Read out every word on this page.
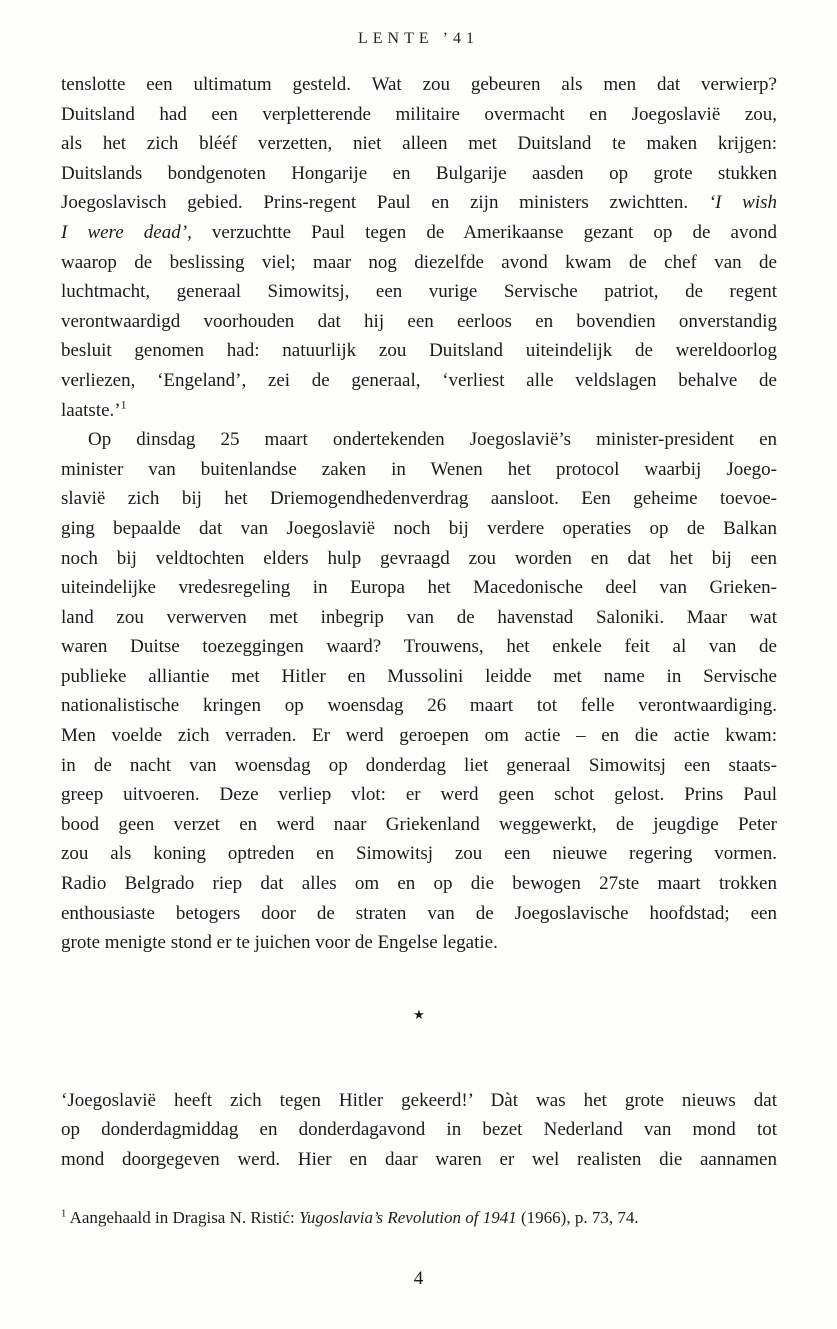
LENTE ’41
tenslotte een ultimatum gesteld. Wat zou gebeuren als men dat verwierp?
Duitsland had een verpletterende militaire overmacht en Joegoslavië zou,
als het zich blééf verzetten, niet alleen met Duitsland te maken krijgen:
Duitslands bondgenoten Hongarije en Bulgarije aasden op grote stukken
Joegoslavisch gebied. Prins-regent Paul en zijn ministers zwichtten. ‘I wish
I were dead’, verzuchtte Paul tegen de Amerikaanse gezant op de avond
waarop de beslissing viel; maar nog diezelfde avond kwam de chef van de
luchtmacht, generaal Simowitsj, een vurige Servische patriot, de regent
verontwaardigd voorhouden dat hij een eerloos en bovendien onverstandig
besluit genomen had: natuurlijk zou Duitsland uiteindelijk de wereldoorlog
verliezen, ‘Engeland’, zei de generaal, ‘verliest alle veldslagen behalve de
laatste.’$^1$
Op dinsdag 25 maart ondertekenden Joegoslavië’s minister-president en
minister van buitenlandse zaken in Wenen het protocol waarbij Joego-
slavië zich bij het Driemogendhedenverdrag aansloot. Een geheime toevoe-
ging bepaalde dat van Joegoslavië noch bij verdere operaties op de Balkan
noch bij veldtochten elders hulp gevraagd zou worden en dat het bij een
uiteindelijke vredesregeling in Europa het Macedonische deel van Grieken-
land zou verwerven met inbegrip van de havenstad Saloniki. Maar wat
waren Duitse toezeggingen waard? Trouwens, het enkele feit al van de
publieke alliantie met Hitler en Mussolini leidde met name in Servische
nationalistische kringen op woensdag 26 maart tot felle verontwaardiging.
Men voelde zich verraden. Er werd geroepen om actie – en die actie kwam:
in de nacht van woensdag op donderdag liet generaal Simowitsj een staats-
greep uitvoeren. Deze verliep vlot: er werd geen schot gelost. Prins Paul
bood geen verzet en werd naar Griekenland weggewerkt, de jeugdige Peter
zou als koning optreden en Simowitsj zou een nieuwe regering vormen.
Radio Belgrado riep dat alles om en op die bewogen 27ste maart trokken
enthousiaste betogers door de straten van de Joegoslavische hoofdstad; een
grote menigte stond er te juichen voor de Engelse legatie.
★
‘Joegoslavië heeft zich tegen Hitler gekeerd!’ Dàt was het grote nieuws dat
op donderdagmiddag en donderdagavond in bezet Nederland van mond tot
mond doorgegeven werd. Hier en daar waren er wel realisten die aannamen
$^1$ Aangehaald in Dragisa N. Ristić: Yugoslavia’s Revolution of 1941 (1966), p. 73, 74.
4
